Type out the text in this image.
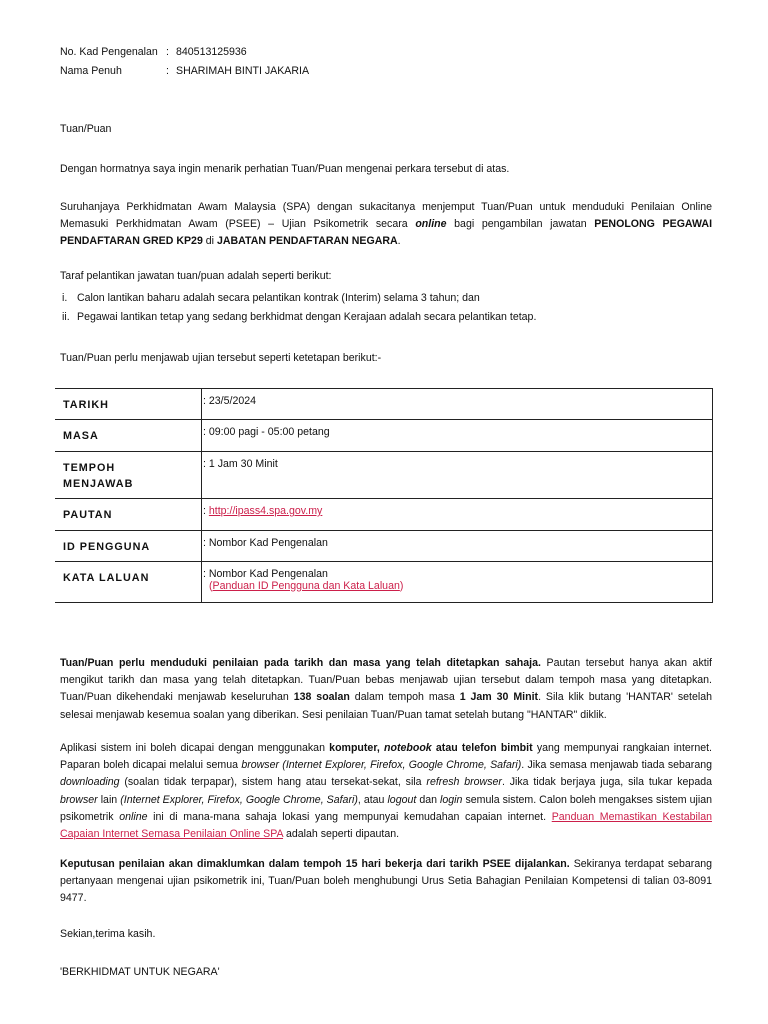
No. Kad Pengenalan : 840513125936
Nama Penuh	: SHARIMAH BINTI JAKARIA
Tuan/Puan
Dengan hormatnya saya ingin menarik perhatian Tuan/Puan mengenai perkara tersebut di atas.
Suruhanjaya Perkhidmatan Awam Malaysia (SPA) dengan sukacitanya menjemput Tuan/Puan untuk menduduki Penilaian Online Memasuki Perkhidmatan Awam (PSEE) – Ujian Psikometrik secara online bagi pengambilan jawatan PENOLONG PEGAWAI PENDAFTARAN GRED KP29 di JABATAN PENDAFTARAN NEGARA.
Taraf pelantikan jawatan tuan/puan adalah seperti berikut:
i. Calon lantikan baharu adalah secara pelantikan kontrak (Interim) selama 3 tahun; dan
ii. Pegawai lantikan tetap yang sedang berkhidmat dengan Kerajaan adalah secara pelantikan tetap.
Tuan/Puan perlu menjawab ujian tersebut seperti ketetapan berikut:-
TARIKH	: 23/5/2024
MASA	: 09:00 pagi - 05:00 petang
TEMPOH MENJAWAB	: 1 Jam 30 Minit
PAUTAN	: http://ipass4.spa.gov.my
ID PENGGUNA	: Nombor Kad Pengenalan
KATA LALUAN	: Nombor Kad Pengenalan
(Panduan ID Pengguna dan Kata Laluan)
Tuan/Puan perlu menduduki penilaian pada tarikh dan masa yang telah ditetapkan sahaja. Pautan tersebut hanya akan aktif mengikut tarikh dan masa yang telah ditetapkan. Tuan/Puan bebas menjawab ujian tersebut dalam tempoh masa yang ditetapkan. Tuan/Puan dikehendaki menjawab keseluruhan 138 soalan dalam tempoh masa 1 Jam 30 Minit. Sila klik butang 'HANTAR' setelah selesai menjawab kesemua soalan yang diberikan. Sesi penilaian Tuan/Puan tamat setelah butang "HANTAR" diklik.
Aplikasi sistem ini boleh dicapai dengan menggunakan komputer, notebook atau telefon bimbit yang mempunyai rangkaian internet. Paparan boleh dicapai melalui semua browser (Internet Explorer, Firefox, Google Chrome, Safari). Jika semasa menjawab tiada sebarang downloading (soalan tidak terpapar), sistem hang atau tersekat-sekat, sila refresh browser. Jika tidak berjaya juga, sila tukar kepada browser lain (Internet Explorer, Firefox, Google Chrome, Safari), atau logout dan login semula sistem. Calon boleh mengakses sistem ujian psikometrik online ini di mana-mana sahaja lokasi yang mempunyai kemudahan capaian internet. Panduan Memastikan Kestabilan Capaian Internet Semasa Penilaian Online SPA adalah seperti dipautan.
Keputusan penilaian akan dimaklumkan dalam tempoh 15 hari bekerja dari tarikh PSEE dijalankan. Sekiranya terdapat sebarang pertanyaan mengenai ujian psikometrik ini, Tuan/Puan boleh menghubungi Urus Setia Bahagian Penilaian Kompetensi di talian 03-8091 9477.
Sekian,terima kasih.
'BERKHIDMAT UNTUK NEGARA'
